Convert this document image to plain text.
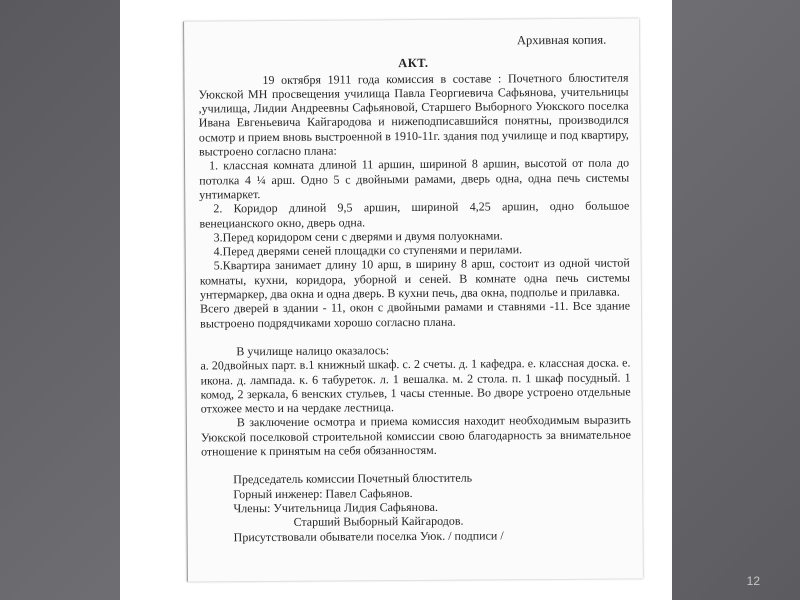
Архивная копия.
АКТ.

19 октября 1911 года комиссия в составе : Почетного блюстителя Уюкской МН просвещения училища Павла Георгиевича Сафьянова, учительницы ,училища, Лидии Андреевны Сафьяновой, Старшего Выборного Уюкского поселка Ивана Евгеньевича Кайгародова и нижеподписавшийся понятны, производился осмотр и прием вновь выстроенной в 1910-11г. здания под училище и под квартиру, выстроено согласно плана:

1. классная комната длиной 11 аршин, шириной 8 аршин, высотой от пола до потолка 4 ¼ арш. Одно 5 с двойными рамами, дверь одна, одна печь системы унтимаркет.

2. Коридор длиной 9,5 аршин, шириной 4,25 аршин, одно большое венецианского окно, дверь одна.

3.Перед коридором сени с дверями и двумя полуокнами.

4.Перед дверями сеней площадки со ступенями и перилами.

5.Квартира занимает длину 10 арш, в ширину 8 арш, состоит из одной чистой комнаты, кухни, коридора, уборной и сеней. В комнате одна печь системы унтермаркер, два окна и одна дверь. В кухни печь, два окна, подполье и прилавка.

Всего дверей в здании - 11, окон с двойными рамами и ставнями -11. Все здание выстроено подрядчиками хорошо согласно плана.

В училище налицо оказалось:

а. 20двойных парт. в.1 книжный шкаф. с. 2 счеты. д. 1 кафедра. е. классная доска. е. икона. д. лампада. к. 6 табуреток. л. 1 вешалка. м. 2 стола. п. 1 шкаф посудный. 1 комод, 2 зеркала, 6 венских стульев, 1 часы стенные. Во дворе устроено отдельные отхожее место и на чердаке лестница.

В заключение осмотра и приема комиссия находит необходимым выразить Уюкской поселковой строительной комиссии свою благодарность за внимательное отношение к принятым на себя обязанностям.

Председатель комиссии Почетный блюститель

Горный инженер: Павел Сафьянов.

Члены: Учительница Лидия Сафьянова.

Старший Выборный Кайгародов.

Присутствовали обыватели поселка Уюк. / подписи /

12
